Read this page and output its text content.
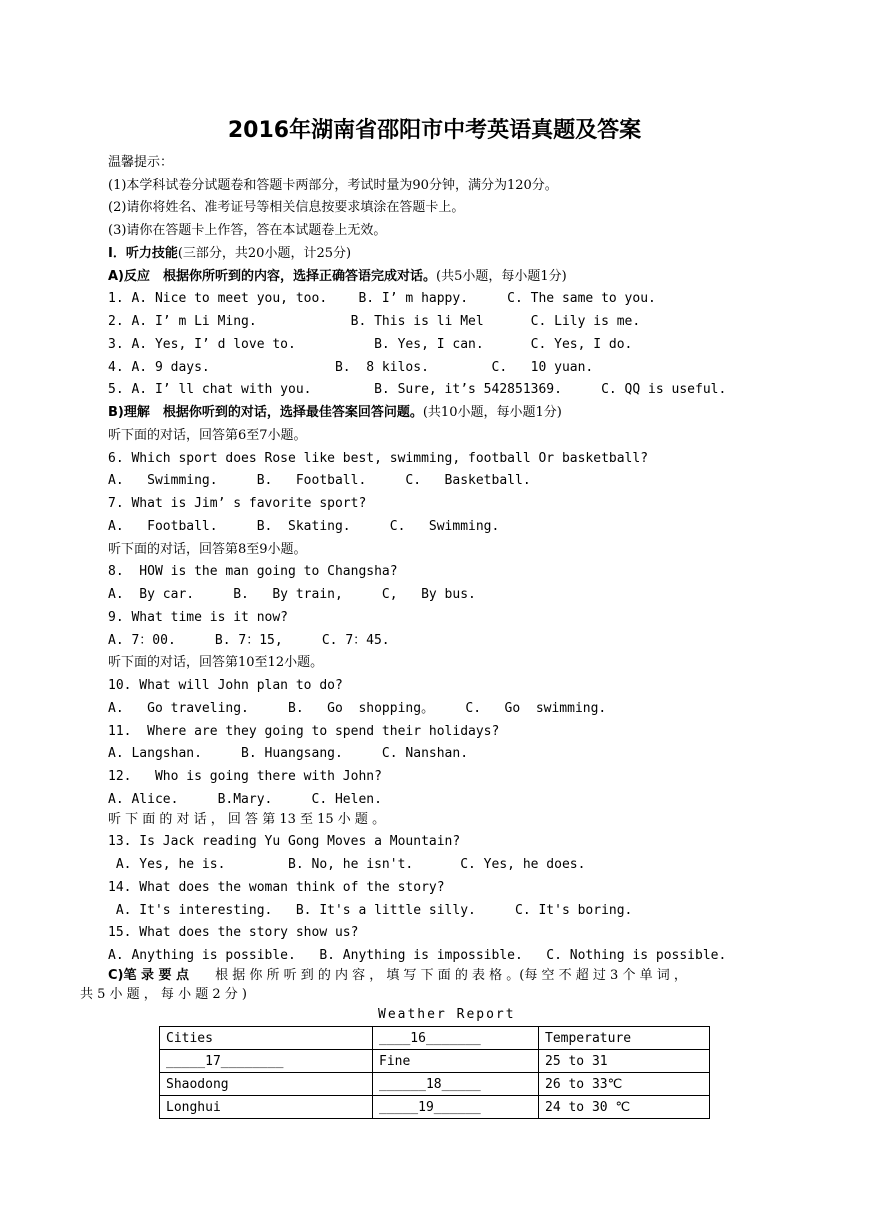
2016年湖南省邵阳市中考英语真题及答案
温馨提示：
(1)本学科试卷分试题卷和答题卡两部分，考试时量为90分钟，满分为120分。
(2)请你将姓名、准考证号等相关信息按要求填涂在答题卡上。
(3)请你在答题卡上作答，答在本试题卷上无效。
I．听力技能(三部分，共20小题，计25分)
A)反应　根据你所听到的内容，选择正确答语完成对话。(共5小题，每小题1分)
1. A. Nice to meet you, too.    B. I’ m happy.     C. The same to you.
2. A. I’ m Li Ming.            B. This is li Mel      C. Lily is me.
3. A. Yes, I’ d love to.          B. Yes, I can.      C. Yes, I do.
4. A. 9 days.                B.  8 kilos.        C.   10 yuan.
5. A. I’ ll chat with you.        B. Sure, it’s 542851369.     C. QQ is useful.
B)理解　根据你听到的对话，选择最佳答案回答问题。(共10小题，每小题1分)
听下面的对话，回答第6至7小题。
6. Which sport does Rose like best, swimming, football Or basketball?
A.   Swimming.     B.   Football.     C.   Basketball.
7. What is Jim’ s favorite sport?
A.   Football.     B.  Skating.     C.   Swimming.
听下面的对话，回答第8至9小题。
8.  HOW is the man going to Changsha?
A.  By car.     B.   By train,     C,   By bus.
9. What time is it now?
A. 7：00.     B. 7：15,     C. 7：45.
听下面的对话，回答第10至12小题。
10. What will John plan to do?
A.   Go traveling.     B.   Go  shopping。    C.   Go  swimming.
11.  Where are they going to spend their holidays?
A. Langshan.     B. Huangsang.     C. Nanshan.
12.   Who is going there with John?
A. Alice.     B.Mary.     C. Helen.
听 下 面 的 对 话 ， 回 答 第 13 至 15 小 题 。
13. Is Jack reading Yu Gong Moves a Mountain?
A. Yes, he is.        B. No, he isn't.      C. Yes, he does.
14. What does the woman think of the story?
A. It's interesting.   B. It's a little silly.     C. It's boring.
15. What does the story show us?
A. Anything is possible.   B. Anything is impossible.   C. Nothing is possible.
C)笔 录 要 点　　根 据 你 所 听 到 的 内 容 ， 填 写 下 面 的 表 格 。(每 空 不 超 过 3 个 单 词 ，
共 5 小 题 ， 每 小 题 2 分 )
Weather Report
Cities	____16_______	Temperature
_____17________	Fine	25 to 31
Shaodong	______18_____	26 to 33℃
Longhui	_____19______	24 to 30 ℃
